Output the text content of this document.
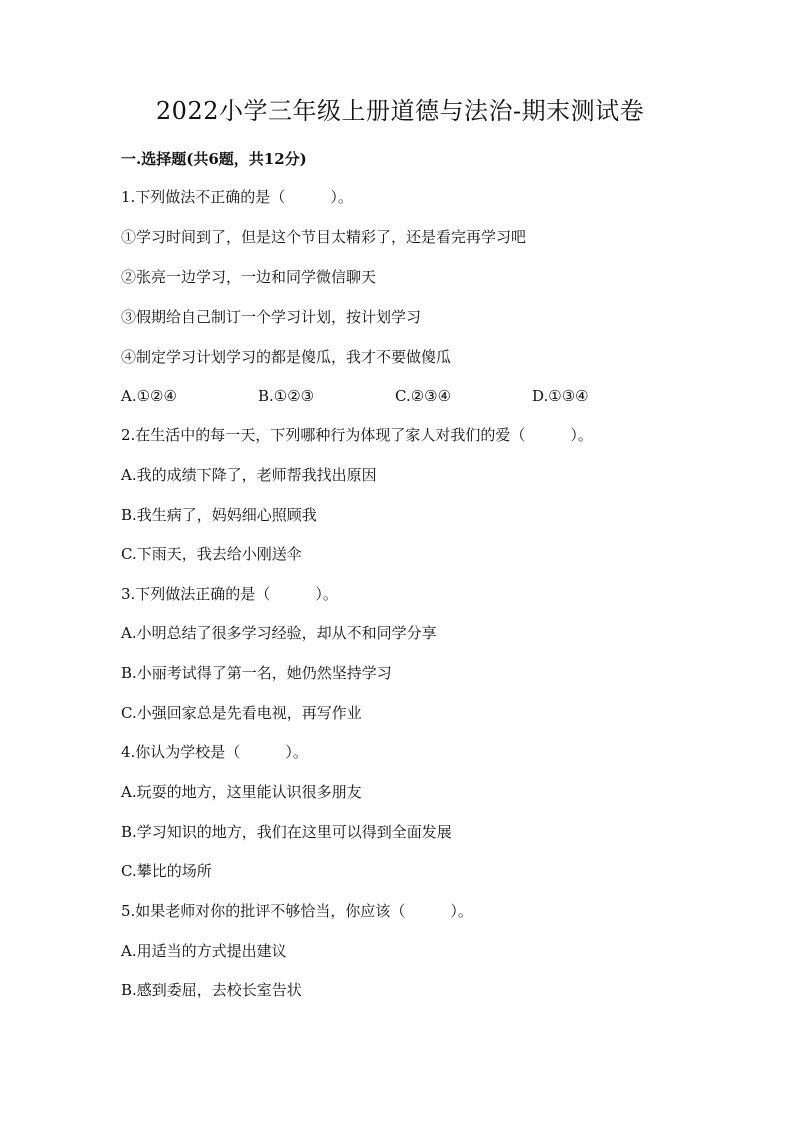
2022小学三年级上册道德与法治-期末测试卷
一.选择题(共6题，共12分)
1.下列做法不正确的是（　　　）。
①学习时间到了，但是这个节目太精彩了，还是看完再学习吧
②张亮一边学习，一边和同学微信聊天
③假期给自己制订一个学习计划，按计划学习
④制定学习计划学习的都是傻瓜，我才不要做傻瓜
A.①②④	B.①②③	C.②③④	D.①③④
2.在生活中的每一天，下列哪种行为体现了家人对我们的爱（　　　）。
A.我的成绩下降了，老师帮我找出原因
B.我生病了，妈妈细心照顾我
C.下雨天，我去给小刚送伞
3.下列做法正确的是（　　　）。
A.小明总结了很多学习经验，却从不和同学分享
B.小丽考试得了第一名，她仍然坚持学习
C.小强回家总是先看电视，再写作业
4.你认为学校是（　　　）。
A.玩耍的地方，这里能认识很多朋友
B.学习知识的地方，我们在这里可以得到全面发展
C.攀比的场所
5.如果老师对你的批评不够恰当，你应该（　　　）。
A.用适当的方式提出建议
B.感到委屈，去校长室告状
